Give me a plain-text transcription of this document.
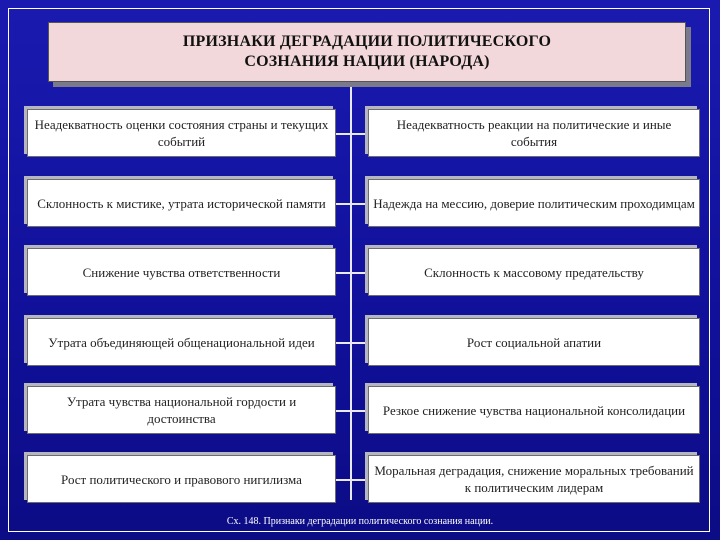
ПРИЗНАКИ ДЕГРАДАЦИИ ПОЛИТИЧЕСКОГО
СОЗНАНИЯ НАЦИИ (НАРОДА)
Неадекватность оценки состояния страны и текущих событий
Склонность к мистике, утрата исторической памяти
Снижение чувства ответственности
Утрата объединяющей общенациональной идеи
Утрата чувства национальной гордости и достоинства
Рост политического и правового нигилизма
Неадекватность реакции на политические и иные события
Надежда на мессию, доверие политическим проходимцам
Склонность к массовому предательству
Рост социальной апатии
Резкое снижение чувства национальной консолидации
Моральная деградация, снижение моральных требований к политическим лидерам
Сх. 148. Признаки деградации политического сознания нации.
